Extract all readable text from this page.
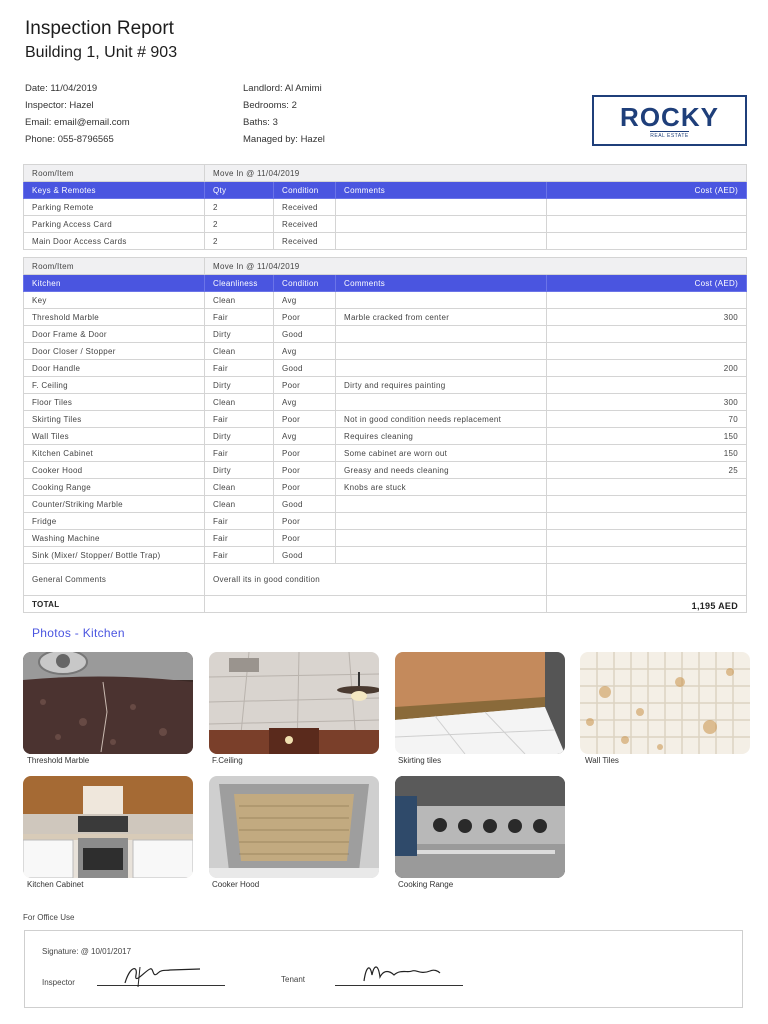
Inspection Report
Building 1, Unit # 903
Date: 11/04/2019
Inspector: Hazel
Email: email@email.com
Phone: 055-8796565
Landlord: Al Amimi
Bedrooms: 2
Baths: 3
Managed by: Hazel
ROCKY
REAL ESTATE
Room/Item	Move In @ 11/04/2019			
Keys & Remotes	Qty	Condition	Comments	Cost (AED)
Parking Remote	2	Received		
Parking Access Card	2	Received		
Main Door Access Cards	2	Received		
Room/Item	Move In @ 11/04/2019			
Kitchen	Cleanliness	Condition	Comments	Cost (AED)
Key	Clean	Avg		
Threshold Marble	Fair	Poor	Marble cracked from center	300
Door Frame & Door	Dirty	Good		
Door Closer / Stopper	Clean	Avg		
Door Handle	Fair	Good		200
F. Ceiling	Dirty	Poor	Dirty and requires painting	
Floor Tiles	Clean	Avg		300
Skirting Tiles	Fair	Poor	Not in good condition needs replacement	70
Wall Tiles	Dirty	Avg	Requires cleaning	150
Kitchen Cabinet	Fair	Poor	Some cabinet are worn out	150
Cooker Hood	Dirty	Poor	Greasy and needs cleaning	25
Cooking Range	Clean	Poor	Knobs are stuck	
Counter/Striking Marble	Clean	Good		
Fridge	Fair	Poor		
Washing Machine	Fair	Poor		
Sink (Mixer/ Stopper/ Bottle Trap)	Fair	Good		
General Comments	Overall its in good condition			
TOTAL				1,195 AED
Photos - Kitchen
Threshold Marble	F.Ceiling	Skirting tiles	Wall Tiles
Kitchen Cabinet	Cooker Hood	Cooking Range
For Office Use
Signature: @ 10/01/2017
Inspector	Tenant
